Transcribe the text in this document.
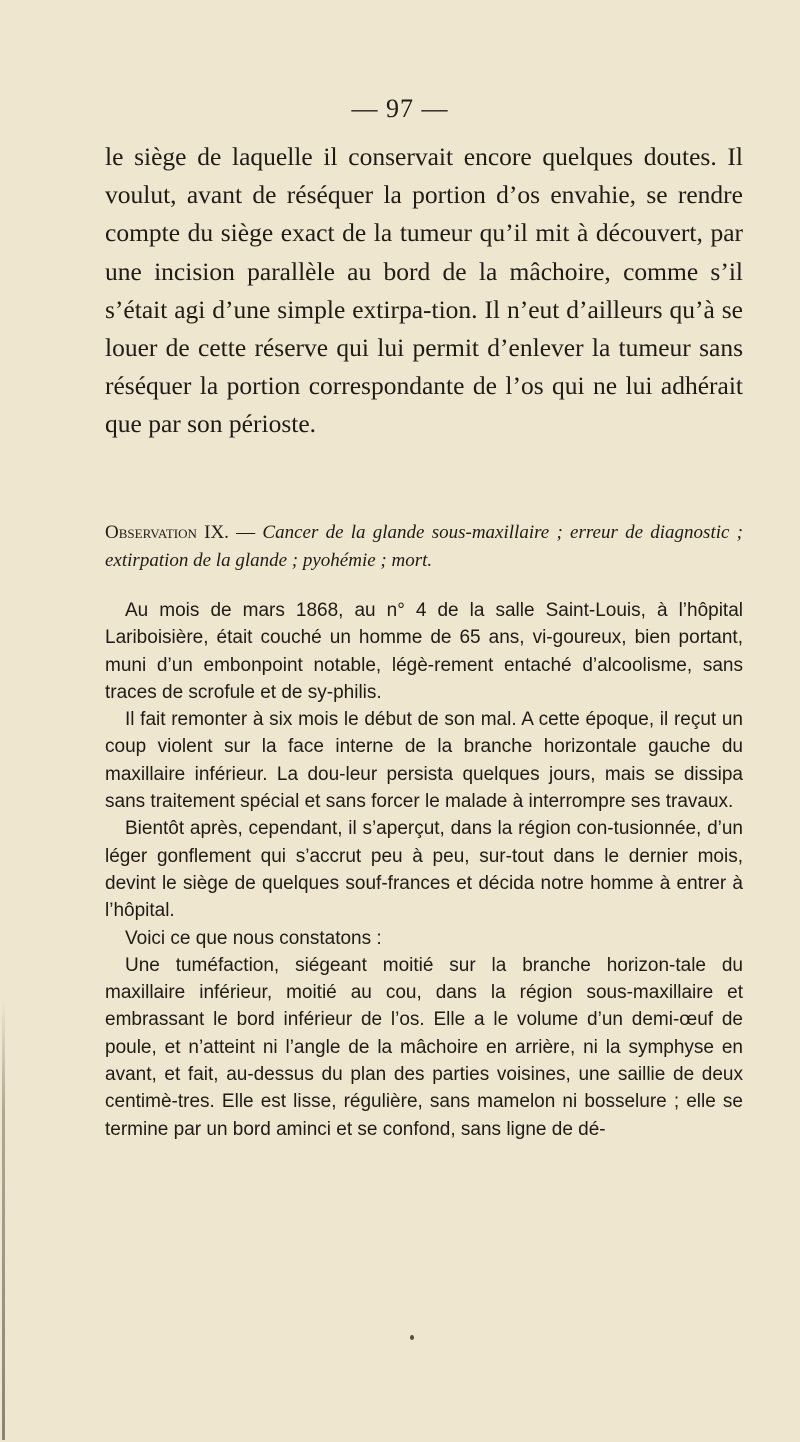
— 97 —

le siège de laquelle il conservait encore quelques doutes. Il voulut, avant de réséquer la portion d’os envahie, se rendre compte du siège exact de la tumeur qu’il mit à découvert, par une incision parallèle au bord de la mâchoire, comme s’il s’était agi d’une simple extirpa-tion. Il n’eut d’ailleurs qu’à se louer de cette réserve qui lui permit d’enlever la tumeur sans réséquer la portion correspondante de l’os qui ne lui adhérait que par son périoste.

Observation IX. — Cancer de la glande sous-maxillaire ; erreur de diagnostic ; extirpation de la glande ; pyohémie ; mort.

Au mois de mars 1868, au n° 4 de la salle Saint-Louis, à l’hôpital Lariboisière, était couché un homme de 65 ans, vi-goureux, bien portant, muni d’un embonpoint notable, légè-rement entaché d’alcoolisme, sans traces de scrofule et de sy-philis.

Il fait remonter à six mois le début de son mal. A cette époque, il reçut un coup violent sur la face interne de la branche horizontale gauche du maxillaire inférieur. La dou-leur persista quelques jours, mais se dissipa sans traitement spécial et sans forcer le malade à interrompre ses travaux.

Bientôt après, cependant, il s’aperçut, dans la région con-tusionnée, d’un léger gonflement qui s’accrut peu à peu, sur-tout dans le dernier mois, devint le siège de quelques souf-frances et décida notre homme à entrer à l’hôpital.

Voici ce que nous constatons :

Une tuméfaction, siégeant moitié sur la branche horizon-tale du maxillaire inférieur, moitié au cou, dans la région sous-maxillaire et embrassant le bord inférieur de l’os. Elle a le volume d’un demi-œuf de poule, et n’atteint ni l’angle de la mâchoire en arrière, ni la symphyse en avant, et fait, au-dessus du plan des parties voisines, une saillie de deux centimè-tres. Elle est lisse, régulière, sans mamelon ni bosselure ; elle se termine par un bord aminci et se confond, sans ligne de dé-
